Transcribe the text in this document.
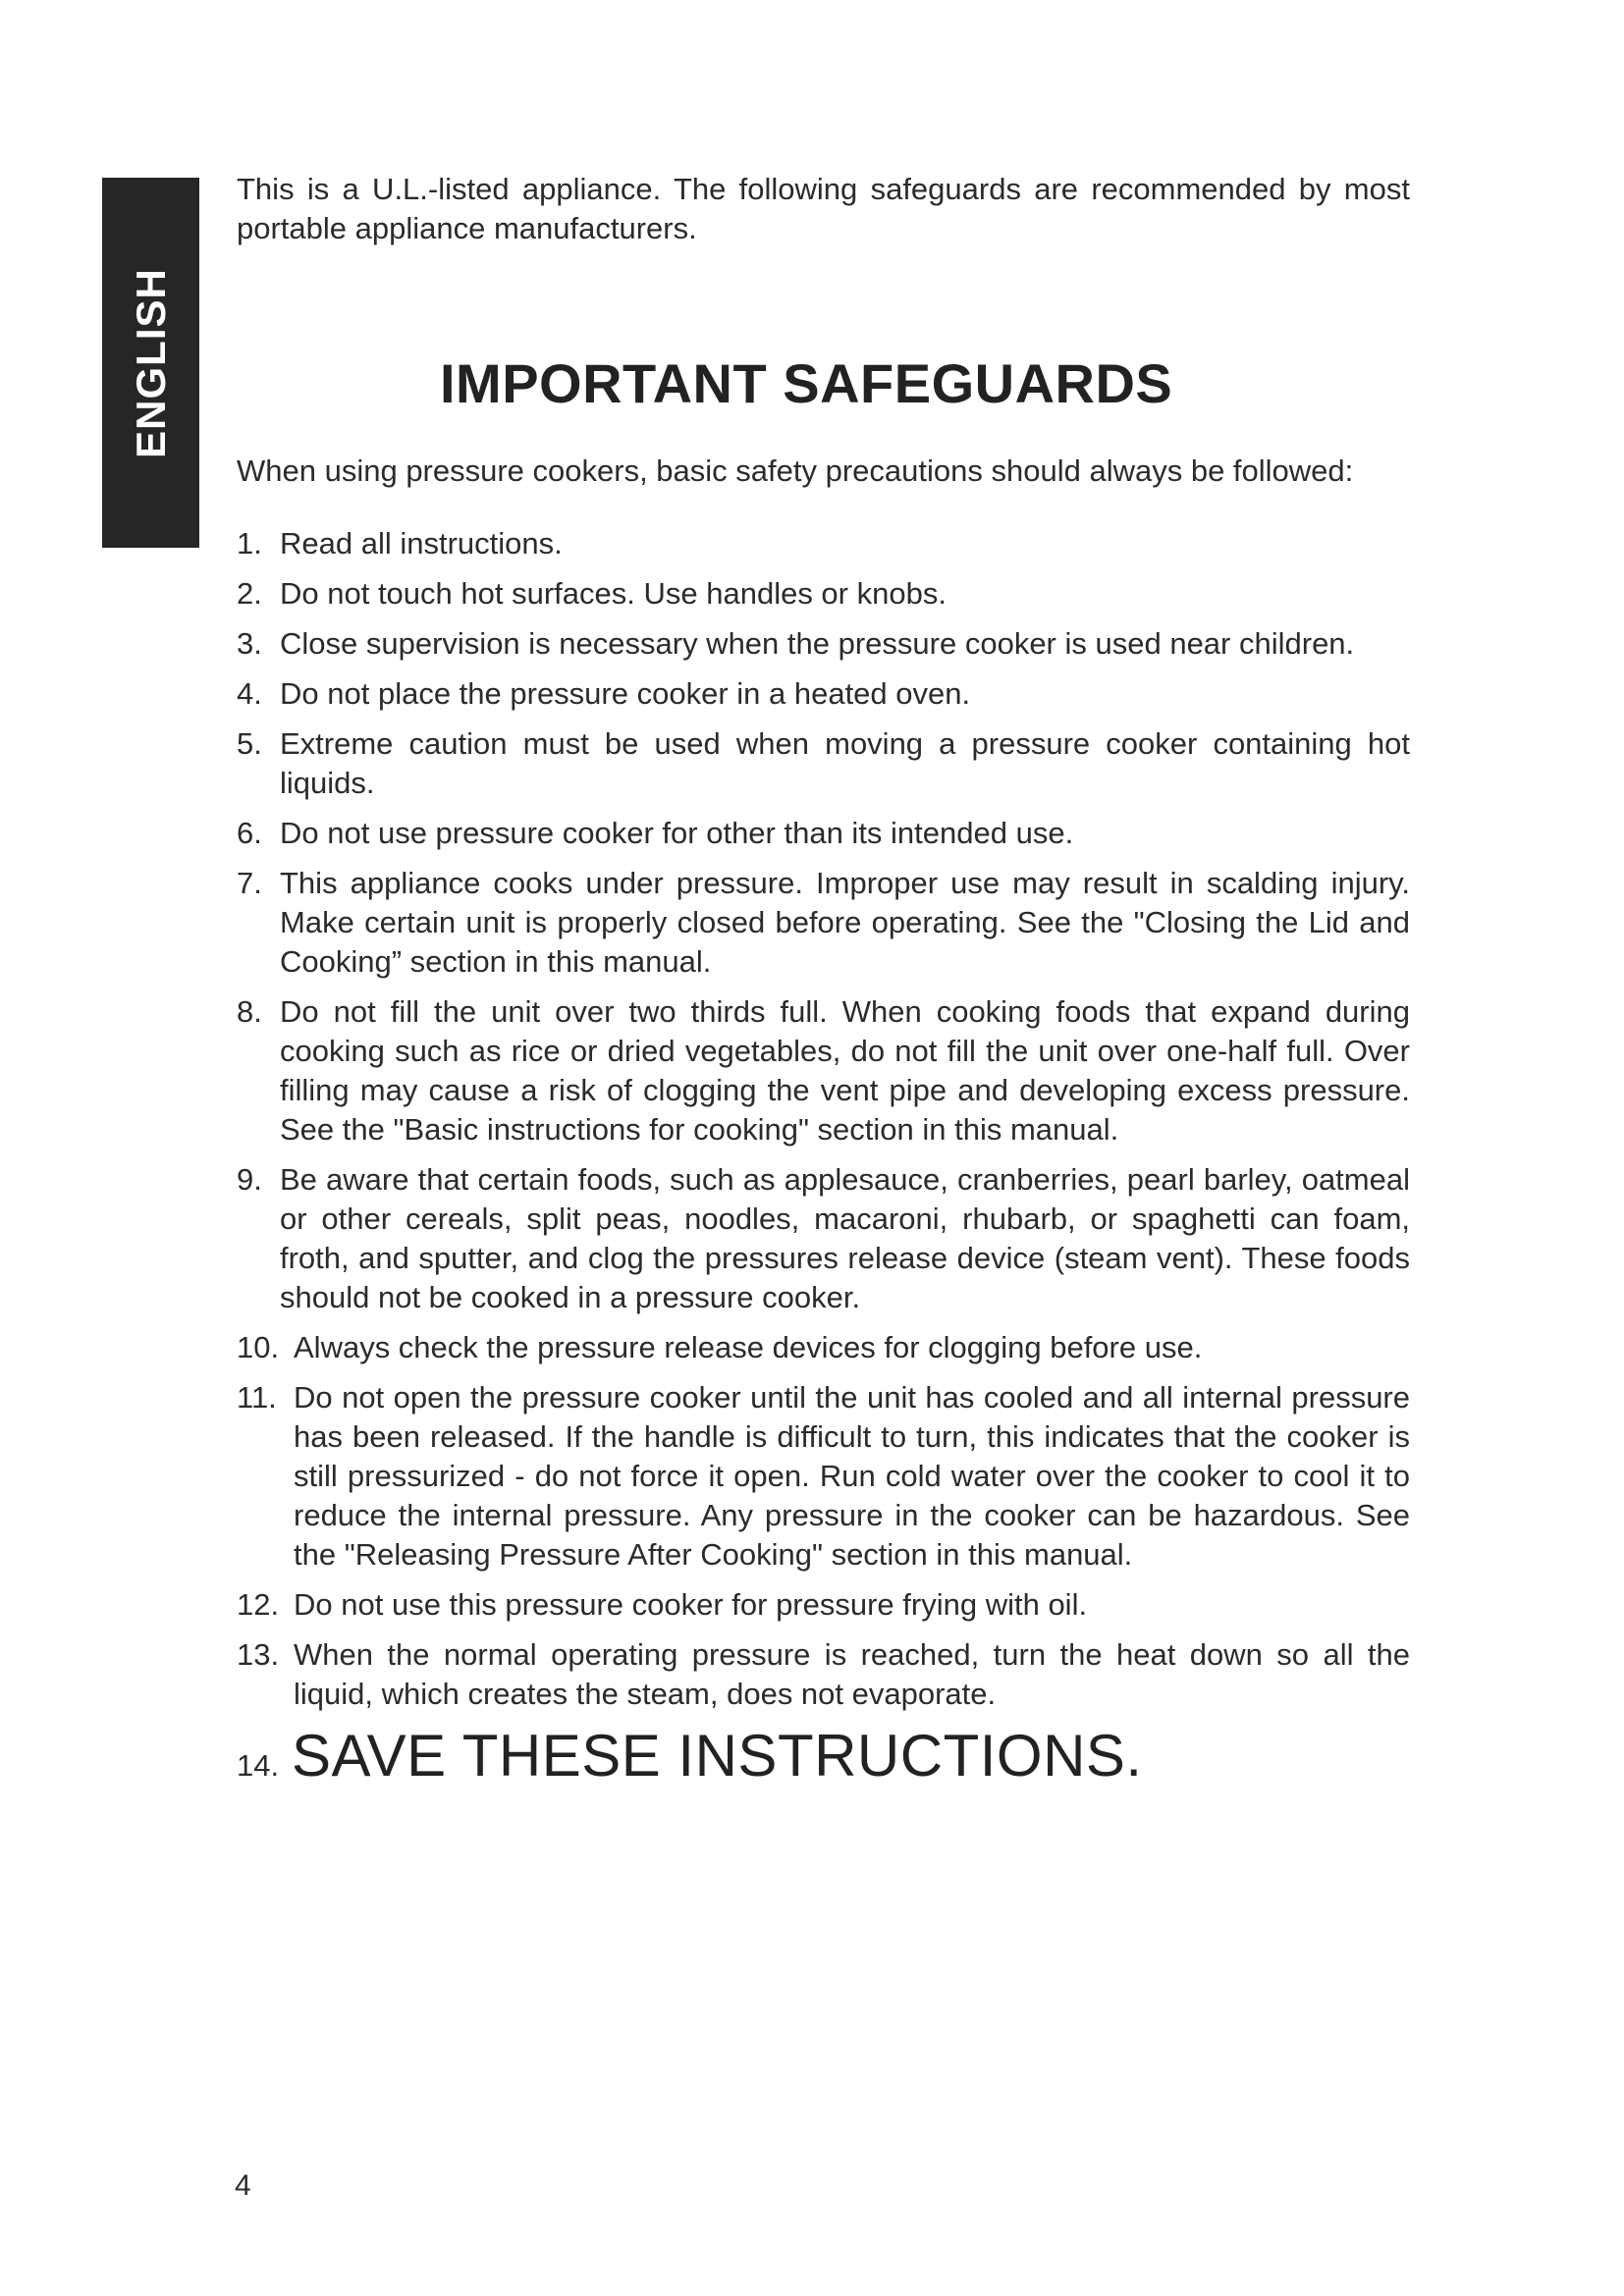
ENGLISH

This is a U.L.-listed appliance. The following safeguards are recommended by most portable appliance manufacturers.

IMPORTANT SAFEGUARDS

When using pressure cookers, basic safety precautions should always be followed:

1. Read all instructions.
2. Do not touch hot surfaces. Use handles or knobs.
3. Close supervision is necessary when the pressure cooker is used near children.
4. Do not place the pressure cooker in a heated oven.
5. Extreme caution must be used when moving a pressure cooker containing hot liquids.
6. Do not use pressure cooker for other than its intended use.
7. This appliance cooks under pressure. Improper use may result in scalding injury. Make certain unit is properly closed before operating. See the "Closing the Lid and Cooking” section in this manual.
8. Do not fill the unit over two thirds full. When cooking foods that expand during cooking such as rice or dried vegetables, do not fill the unit over one-half full. Over filling may cause a risk of clogging the vent pipe and developing excess pressure. See the "Basic instructions for cooking" section in this manual.
9. Be aware that certain foods, such as applesauce, cranberries, pearl barley, oatmeal or other cereals, split peas, noodles, macaroni, rhubarb, or spaghetti can foam, froth, and sputter, and clog the pressures release device (steam vent). These foods should not be cooked in a pressure cooker.
10. Always check the pressure release devices for clogging before use.
11. Do not open the pressure cooker until the unit has cooled and all internal pressure has been released. If the handle is difficult to turn, this indicates that the cooker is still pressurized - do not force it open. Run cold water over the cooker to cool it to reduce the internal pressure. Any pressure in the cooker can be hazardous. See the "Releasing Pressure After Cooking" section in this manual.
12. Do not use this pressure cooker for pressure frying with oil.
13. When the normal operating pressure is reached, turn the heat down so all the liquid, which creates the steam, does not evaporate.
14. SAVE THESE INSTRUCTIONS.
4
